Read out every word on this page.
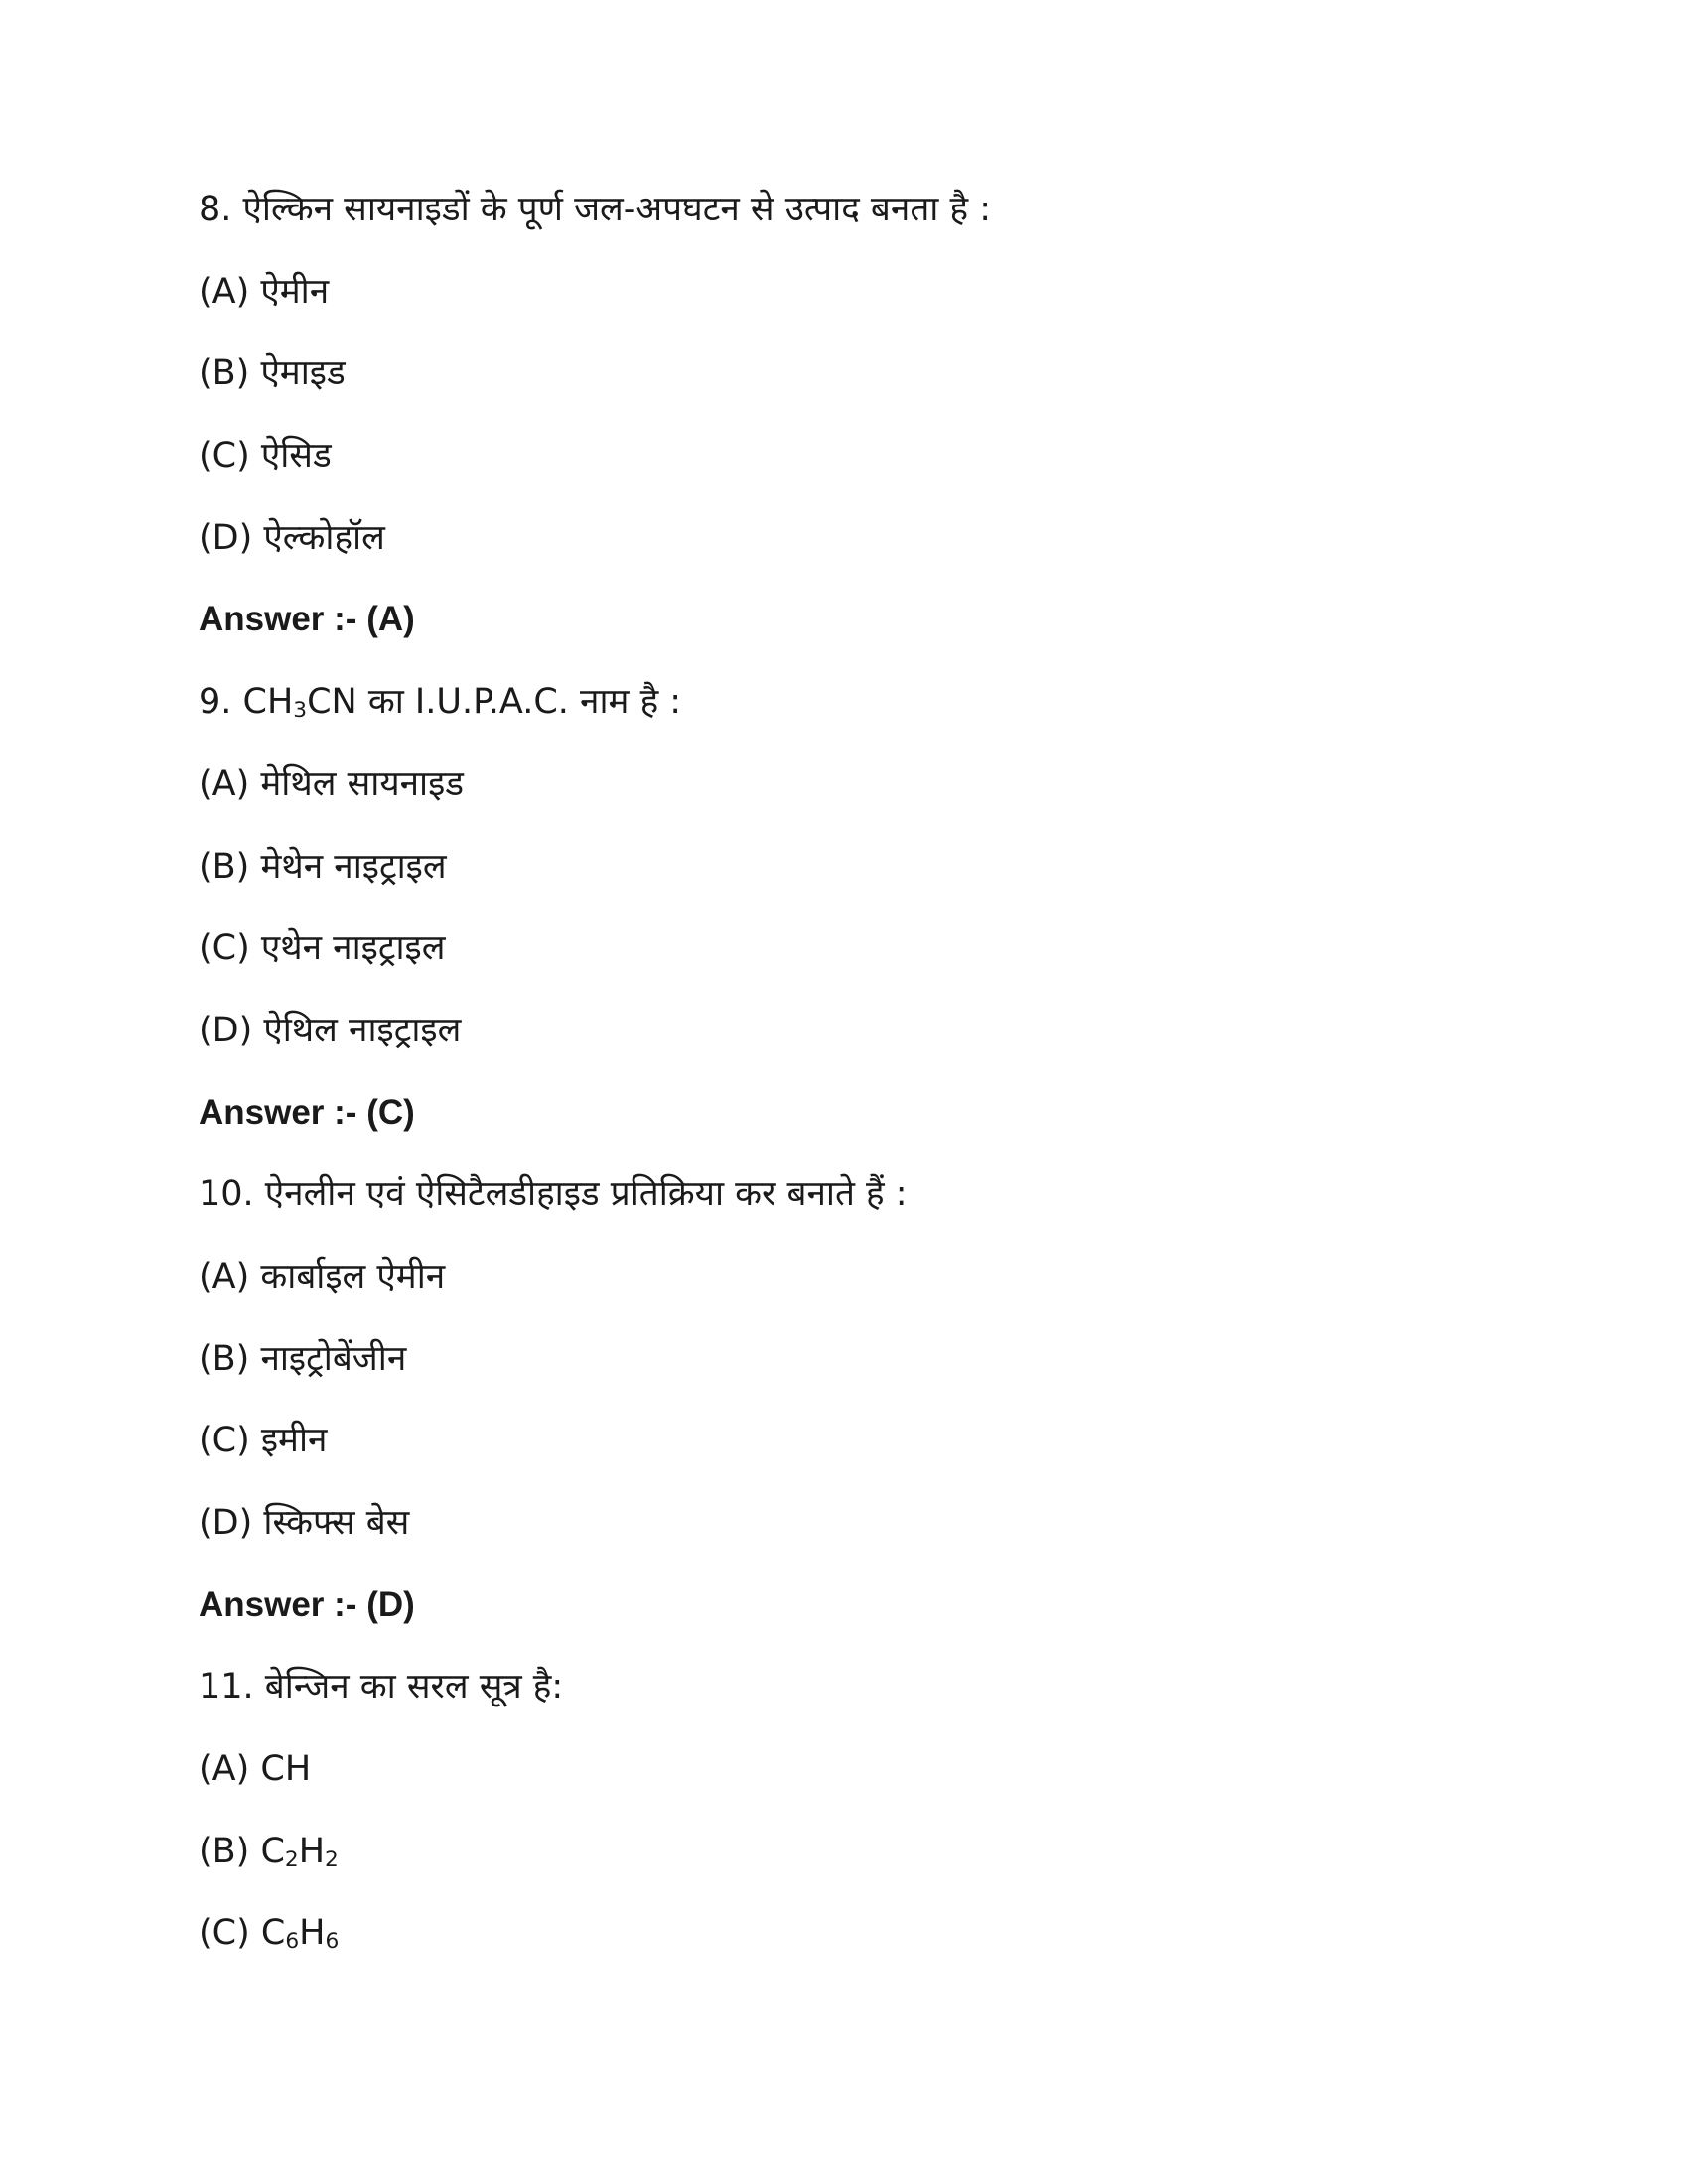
8. ऐल्किन सायनाइडों के पूर्ण जल-अपघटन से उत्पाद बनता है :
(A) ऐमीन
(B) ऐमाइड
(C) ऐसिड
(D) ऐल्कोहॉल
Answer :- (A)
9. $CH_3CN$ का I.U.P.A.C. नाम है :
(A) मेथिल सायनाइड
(B) मेथेन नाइट्राइल
(C) एथेन नाइट्राइल
(D) ऐथिल नाइट्राइल
Answer :- (C)
10. ऐनलीन एवं ऐसिटैलडीहाइड प्रतिक्रिया कर बनाते हैं :
(A) कार्बाइल ऐमीन
(B) नाइट्रोबेंजीन
(C) इमीन
(D) स्किफ्स बेस
Answer :- (D)
11. बेन्जिन का सरल सूत्र है:
(A) CH
(B) $C_2H_2$
(C) $C_6H_6$
